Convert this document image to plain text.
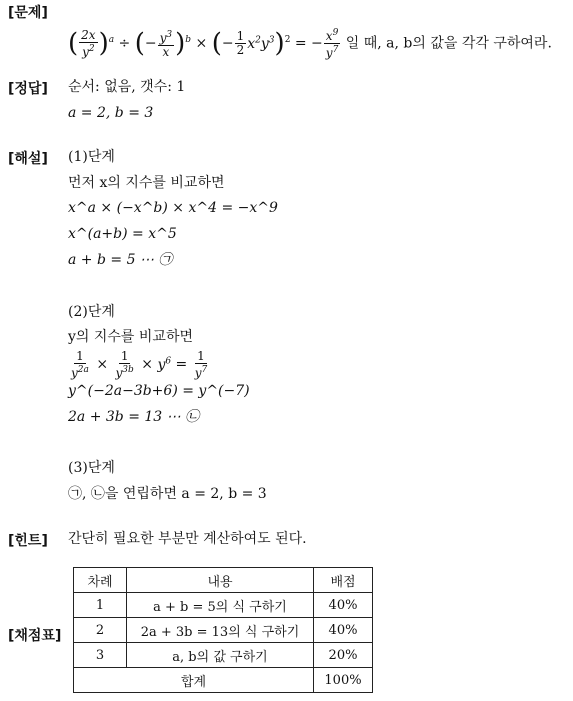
[문제]
[정답]
[해설]
[힌트]
[채점표]
( $\frac{2x}{y^2} )^a$ ÷ (− $\frac{y^3}{x} )^b$ × (− $\frac{1}{2} x^2y^3)^2$ = − $\frac{x^9}{y^7}$ 일 때, a, b의 값을 각각 구하여라.
순서: 없음, 갯수: 1
a = 2, b = 3
(1)단계
먼저 x의 지수를 비교하면
x^a × (−x^b) × x^4 = −x^9
x^(a+b) = x^5
a + b = 5 ⋯ ㉠
(2)단계
y의 지수를 비교하면
$\frac{1}{y^{2a}} \times \frac{1}{y^{3b}} \times y^6 = \frac{1}{y^7}$
y^(−2a−3b+6) = y^(−7)
2a + 3b = 13 ⋯ ㉡
(3)단계
㉠, ㉡을 연립하면 a = 2, b = 3
간단히 필요한 부분만 계산하여도 된다.
차례	내용	배점
1	a + b = 5의 식 구하기	40%
2	2a + 3b = 13의 식 구하기	40%
3	a, b의 값 구하기	20%
합계		100%
